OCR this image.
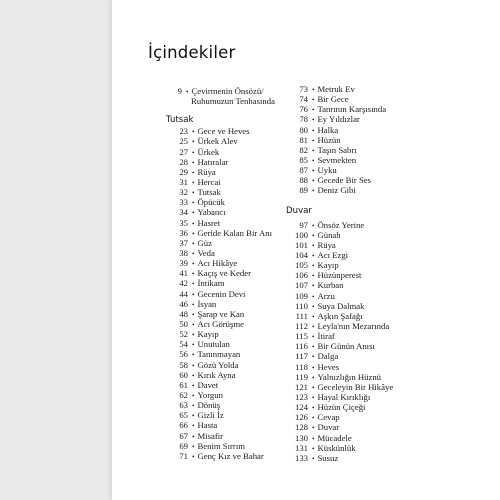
İçindekiler
9 • Çevirmenin Önsözü/
Ruhumuzun Tenhasında
Tutsak
23 • Gece ve Heves
25 • Ürkek Alev
27 • Ürkek
28 • Hatıralar
29 • Rüya
31 • Hercai
32 • Tutsak
33 • Öpücük
34 • Yabancı
35 • Hasret
36 • Geride Kalan Bir Anı
37 • Güz
38 • Veda
39 • Acı Hikâye
41 • Kaçış ve Keder
42 • İntikam
44 • Gecenin Devi
46 • İsyan
48 • Şarap ve Kan
50 • Acı Görüşme
52 • Kayıp
54 • Unutulan
56 • Tanınmayan
58 • Gözü Yolda
60 • Kırık Ayna
61 • Davet
62 • Yorgun
63 • Dönüş
65 • Gizli İz
66 • Hasta
67 • Misafir
69 • Benim Sırrım
71 • Genç Kız ve Bahar
73 • Metruk Ev
74 • Bir Gece
76 • Tanrının Karşısında
78 • Ey Yıldızlar
80 • Halka
81 • Hüzün
82 • Taşın Sabrı
85 • Sevmekten
87 • Uyku
88 • Gecede Bir Ses
89 • Deniz Gibi
Duvar
97 • Önsöz Yerine
100 • Günah
101 • Rüya
104 • Acı Ezgi
105 • Kayıp
106 • Hüzünperest
107 • Kurban
109 • Arzu
110 • Suya Dalmak
111 • Aşkın Şafağı
112 • Leyla'nın Mezarında
115 • İtiraf
116 • Bir Günün Anısı
117 • Dalga
118 • Heves
119 • Yalnızlığın Hüznü
121 • Geceleyin Bir Hikâye
123 • Hayal Kırıklığı
124 • Hüzün Çiçeği
126 • Cevap
128 • Duvar
130 • Mücadele
131 • Küskünlük
133 • Susuz
